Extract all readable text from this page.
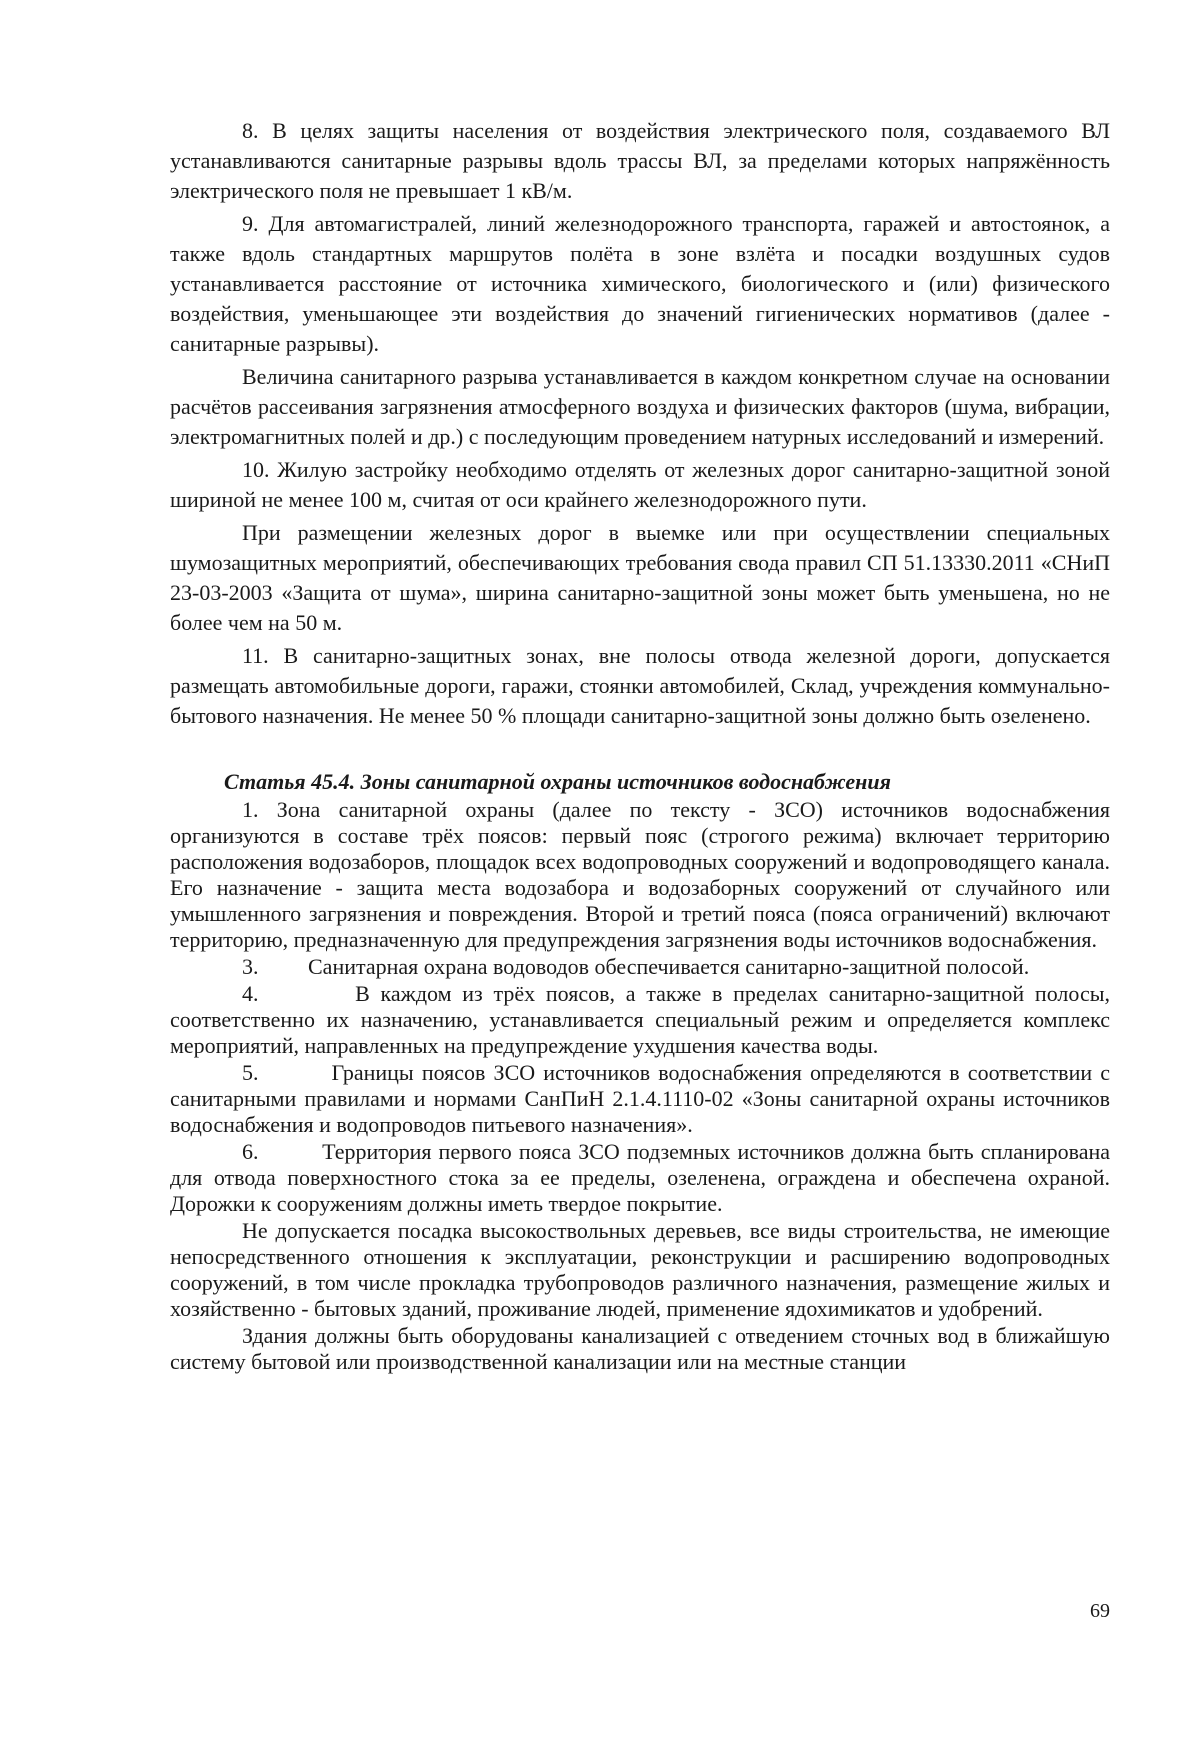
8. В целях защиты населения от воздействия электрического поля, создаваемого ВЛ устанавливаются санитарные разрывы вдоль трассы ВЛ, за пределами которых напряжённость электрического поля не превышает 1 кВ/м.

9. Для автомагистралей, линий железнодорожного транспорта, гаражей и автостоянок, а также вдоль стандартных маршрутов полёта в зоне взлёта и посадки воздушных судов устанавливается расстояние от источника химического, биологического и (или) физического воздействия, уменьшающее эти воздействия до значений гигиенических нормативов (далее - санитарные разрывы).

Величина санитарного разрыва устанавливается в каждом конкретном случае на основании расчётов рассеивания загрязнения атмосферного воздуха и физических факторов (шума, вибрации, электромагнитных полей и др.) с последующим проведением натурных исследований и измерений.

10. Жилую застройку необходимо отделять от железных дорог санитарно-защитной зоной шириной не менее 100 м, считая от оси крайнего железнодорожного пути.

При размещении железных дорог в выемке или при осуществлении специальных шумозащитных мероприятий, обеспечивающих требования свода правил СП 51.13330.2011 «СНиП 23-03-2003 «Защита от шума», ширина санитарно-защитной зоны может быть уменьшена, но не более чем на 50 м.

11. В санитарно-защитных зонах, вне полосы отвода железной дороги, допускается размещать автомобильные дороги, гаражи, стоянки автомобилей, Склад, учреждения коммунально-бытового назначения. Не менее 50 % площади санитарно-защитной зоны должно быть озеленено.

Статья 45.4. Зоны санитарной охраны источников водоснабжения

1. Зона санитарной охраны (далее по тексту - ЗСО) источников водоснабжения организуются в составе трёх поясов: первый пояс (строгого режима) включает территорию расположения водозаборов, площадок всех водопроводных сооружений и водопроводящего канала. Его назначение - защита места водозабора и водозаборных сооружений от случайного или умышленного загрязнения и повреждения. Второй и третий пояса (пояса ограничений) включают территорию, предназначенную для предупреждения загрязнения воды источников водоснабжения.

3.         Санитарная охрана водоводов обеспечивается санитарно-защитной полосой.

4.         В каждом из трёх поясов, а также в пределах санитарно-защитной полосы, соответственно их назначению, устанавливается специальный режим и определяется комплекс мероприятий, направленных на предупреждение ухудшения качества воды.

5.         Границы поясов ЗСО источников водоснабжения определяются в соответствии с санитарными правилами и нормами СанПиН 2.1.4.1110-02 «Зоны санитарной охраны источников водоснабжения и водопроводов питьевого назначения».

6.         Территория первого пояса ЗСО подземных источников должна быть спланирована для отвода поверхностного стока за ее пределы, озеленена, ограждена и обеспечена охраной. Дорожки к сооружениям должны иметь твердое покрытие.

Не допускается посадка высокоствольных деревьев, все виды строительства, не имеющие непосредственного отношения к эксплуатации, реконструкции и расширению водопроводных сооружений, в том числе прокладка трубопроводов различного назначения, размещение жилых и хозяйственно - бытовых зданий, проживание людей, применение ядохимикатов и удобрений.

Здания должны быть оборудованы канализацией с отведением сточных вод в ближайшую систему бытовой или производственной канализации или на местные станции

69
